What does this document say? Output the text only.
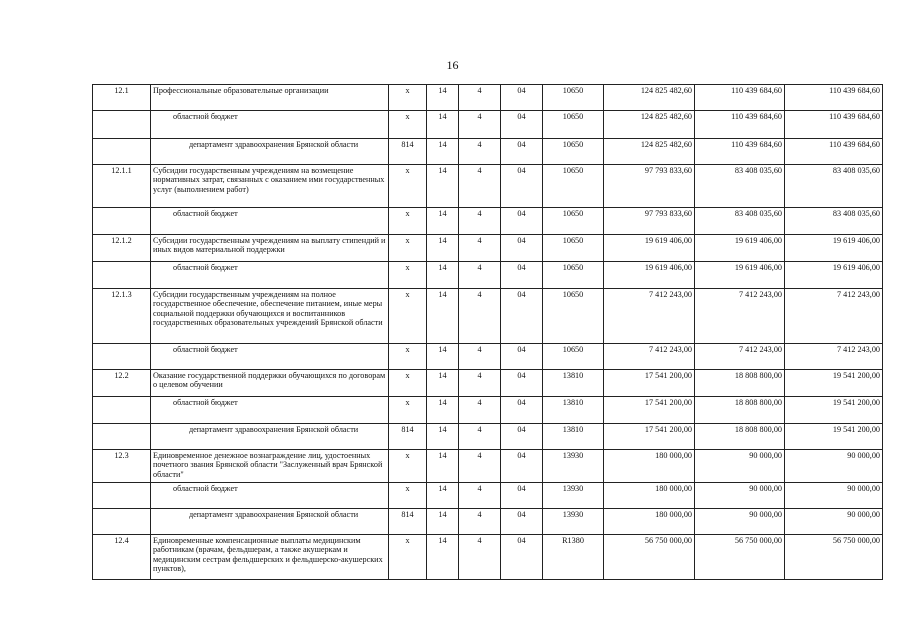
16
12.1	Профессиональные образовательные организации	x	14	4	04	10650	124 825 482,60	110 439 684,60	110 439 684,60
	областной бюджет	x	14	4	04	10650	124 825 482,60	110 439 684,60	110 439 684,60
	департамент здравоохранения Брянской области	814	14	4	04	10650	124 825 482,60	110 439 684,60	110 439 684,60
12.1.1	Субсидии государственным учреждениям на возмещение нормативных затрат, связанных с оказанием ими государственных услуг (выполнением работ)	x	14	4	04	10650	97 793 833,60	83 408 035,60	83 408 035,60
	областной бюджет	x	14	4	04	10650	97 793 833,60	83 408 035,60	83 408 035,60
12.1.2	Субсидии государственным учреждениям на выплату стипендий и иных видов материальной поддержки	x	14	4	04	10650	19 619 406,00	19 619 406,00	19 619 406,00
	областной бюджет	x	14	4	04	10650	19 619 406,00	19 619 406,00	19 619 406,00
12.1.3	Субсидии государственным учреждениям на полное государственное обеспечение, обеспечение питанием, иные меры социальной поддержки обучающихся и воспитанников государственных образовательных учреждений Брянской области	x	14	4	04	10650	7 412 243,00	7 412 243,00	7 412 243,00
	областной бюджет	x	14	4	04	10650	7 412 243,00	7 412 243,00	7 412 243,00
12.2	Оказание государственной поддержки обучающихся по договорам о целевом обучении	x	14	4	04	13810	17 541 200,00	18 808 800,00	19 541 200,00
	областной бюджет	x	14	4	04	13810	17 541 200,00	18 808 800,00	19 541 200,00
	департамент здравоохранения Брянской области	814	14	4	04	13810	17 541 200,00	18 808 800,00	19 541 200,00
12.3	Единовременное денежное вознаграждение лиц, удостоенных почетного звания Брянской области "Заслуженный врач Брянской области"	x	14	4	04	13930	180 000,00	90 000,00	90 000,00
	областной бюджет	x	14	4	04	13930	180 000,00	90 000,00	90 000,00
	департамент здравоохранения Брянской области	814	14	4	04	13930	180 000,00	90 000,00	90 000,00
12.4	Единовременные компенсационные выплаты медицинским работникам (врачам, фельдшерам, а также акушеркам и медицинским сестрам фельдшерских и фельдшерско-акушерских пунктов),	x	14	4	04	R1380	56 750 000,00	56 750 000,00	56 750 000,00
